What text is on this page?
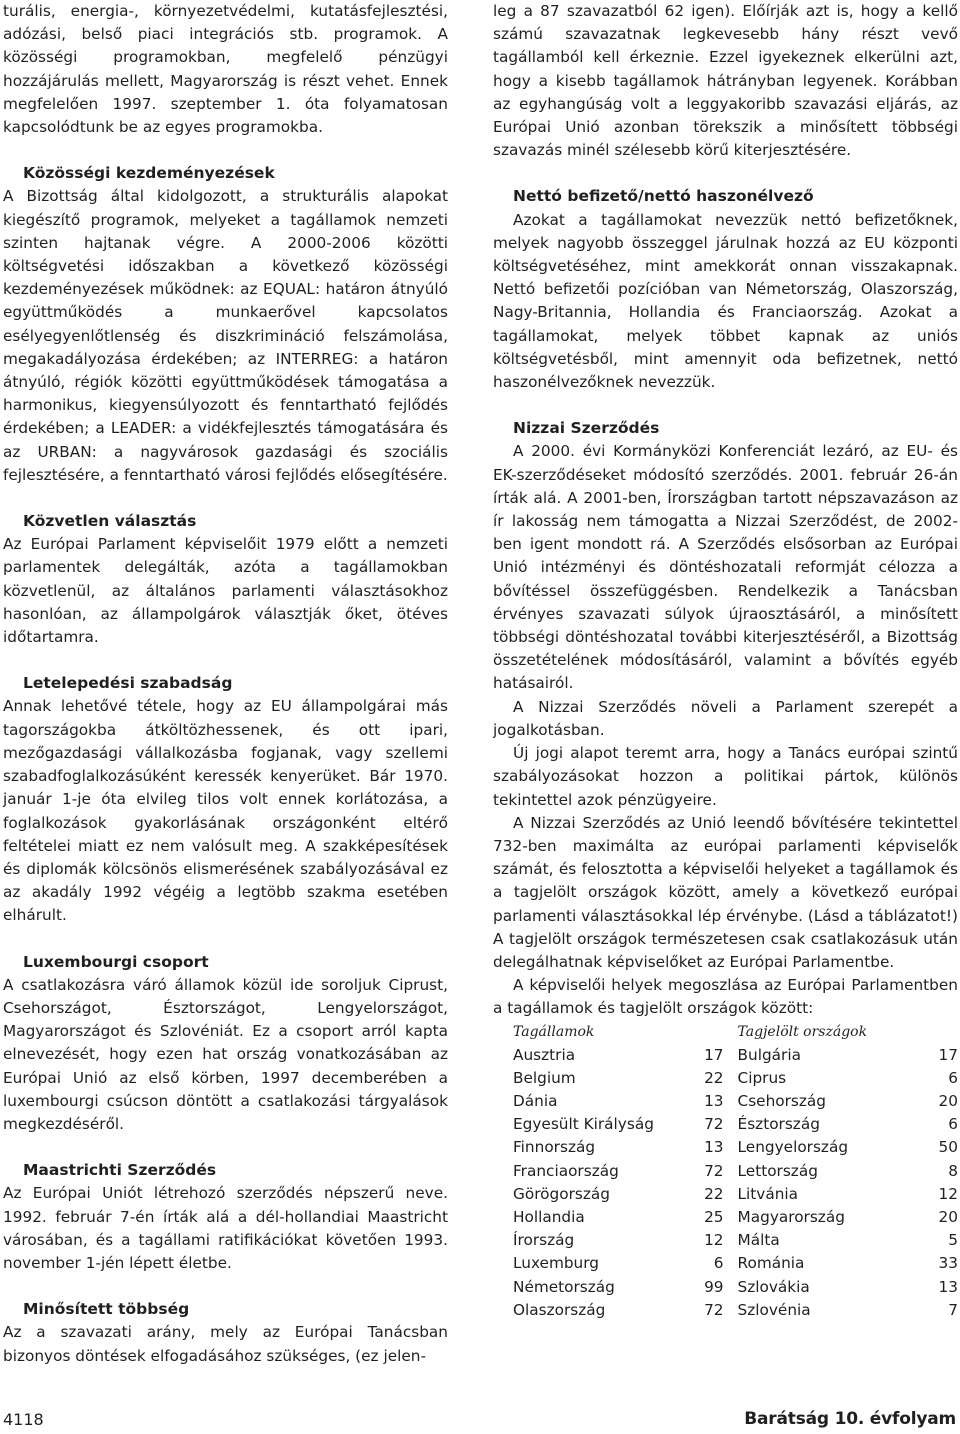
turális, energia-, környezetvédelmi, kutatásfejlesztési, adózási, belső piaci integrációs stb. programok. A közösségi programokban, megfelelő pénzügyi hozzájárulás mellett, Magyarország is részt vehet. Ennek megfelelően 1997. szeptember 1. óta folyamatosan kapcsolódtunk be az egyes programokba.

Közösségi kezdeményezések

A Bizottság által kidolgozott, a strukturális alapokat kiegészítő programok, melyeket a tagállamok nemzeti szinten hajtanak végre. A 2000-2006 közötti költségvetési időszakban a következő közösségi kezdeményezések működnek: az EQUAL: határon átnyúló együttműködés a munkaerővel kapcsolatos esélyegyenlőtlenség és diszkrimináció felszámolása, megakadályozása érdekében; az INTERREG: a határon átnyúló, régiók közötti együttműködések támogatása a harmonikus, kiegyensúlyozott és fenntartható fejlődés érdekében; a LEADER: a vidékfejlesztés támogatására és az URBAN: a nagyvárosok gazdasági és szociális fejlesztésére, a fenntartható városi fejlődés elősegítésére.

Közvetlen választás

Az Európai Parlament képviselőit 1979 előtt a nemzeti parlamentek delegálták, azóta a tagállamokban közvetlenül, az általános parlamenti választásokhoz hasonlóan, az állampolgárok választják őket, ötéves időtartamra.

Letelepedési szabadság

Annak lehetővé tétele, hogy az EU állampolgárai más tagországokba átköltözhessenek, és ott ipari, mezőgazdasági vállalkozásba fogjanak, vagy szellemi szabadfoglalkozásúként keressék kenyerüket. Bár 1970. január 1-je óta elvileg tilos volt ennek korlátozása, a foglalkozások gyakorlásának országonként eltérő feltételei miatt ez nem valósult meg. A szakképesítések és diplomák kölcsönös elismerésének szabályozásával ez az akadály 1992 végéig a legtöbb szakma esetében elhárult.

Luxembourgi csoport

A csatlakozásra váró államok közül ide soroljuk Ciprust, Csehországot, Észtországot, Lengyelországot, Magyarországot és Szlovéniát. Ez a csoport arról kapta elnevezését, hogy ezen hat ország vonatkozásában az Európai Unió az első körben, 1997 decemberében a luxembourgi csúcson döntött a csatlakozási tárgyalások megkezdéséről.

Maastrichti Szerződés

Az Európai Uniót létrehozó szerződés népszerű neve. 1992. február 7-én írták alá a dél-hollandiai Maastricht városában, és a tagállami ratifikációkat követően 1993. november 1-jén lépett életbe.

Minősített többség

Az a szavazati arány, mely az Európai Tanácsban bizonyos döntések elfogadásához szükséges, (ez jelen-

leg a 87 szavazatból 62 igen). Előírják azt is, hogy a kellő számú szavazatnak legkevesebb hány részt vevő tagállamból kell érkeznie. Ezzel igyekeznek elkerülni azt, hogy a kisebb tagállamok hátrányban legyenek. Korábban az egyhangúság volt a leggyakoribb szavazási eljárás, az Európai Unió azonban törekszik a minősített többségi szavazás minél szélesebb körű kiterjesztésére.

Nettó befizető/nettó haszonélvező

Azokat a tagállamokat nevezzük nettó befizetőknek, melyek nagyobb összeggel járulnak hozzá az EU központi költségvetéséhez, mint amekkorát onnan visszakapnak. Nettó befizetői pozícióban van Németország, Olaszország, Nagy-Britannia, Hollandia és Franciaország. Azokat a tagállamokat, melyek többet kapnak az uniós költségvetésből, mint amennyit oda befizetnek, nettó haszonélvezőknek nevezzük.

Nizzai Szerződés

A 2000. évi Kormányközi Konferenciát lezáró, az EU- és EK-szerződéseket módosító szerződés. 2001. február 26-án írták alá. A 2001-ben, Írországban tartott népszavazáson az ír lakosság nem támogatta a Nizzai Szerződést, de 2002-ben igent mondott rá. A Szerződés elsősorban az Európai Unió intézményi és döntéshozatali reformját célozza a bővítéssel összefüggésben. Rendelkezik a Tanácsban érvényes szavazati súlyok újraosztásáról, a minősített többségi döntéshozatal további kiterjesztéséről, a Bizottság összetételének módosításáról, valamint a bővítés egyéb hatásairól.

A Nizzai Szerződés növeli a Parlament szerepét a jogalkotásban.

Új jogi alapot teremt arra, hogy a Tanács európai szintű szabályozásokat hozzon a politikai pártok, különös tekintettel azok pénzügyeire.

A Nizzai Szerződés az Unió leendő bővítésére tekintettel 732-ben maximálta az európai parlamenti képviselők számát, és felosztotta a képviselői helyeket a tagállamok és a tagjelölt országok között, amely a következő európai parlamenti választásokkal lép érvénybe. (Lásd a táblázatot!) A tagjelölt országok természetesen csak csatlakozásuk után delegálhatnak képviselőket az Európai Parlamentbe.

A képviselői helyek megoszlása az Európai Parlamentben a tagállamok és tagjelölt országok között:

Tagállamok
Ausztria	17
Belgium	22
Dánia	13
Egyesült Királyság	72
Finnország	13
Franciaország	72
Görögország	22
Hollandia	25
Írország	12
Luxemburg	6
Németország	99
Olaszország	72
Tagjelölt országok
Bulgária	17
Ciprus	6
Csehország	20
Észtország	6
Lengyelország	50
Lettország	8
Litvánia	12
Magyarország	20
Málta	5
Románia	33
Szlovákia	13
Szlovénia	7
4118	Barátság 10. évfolyam
